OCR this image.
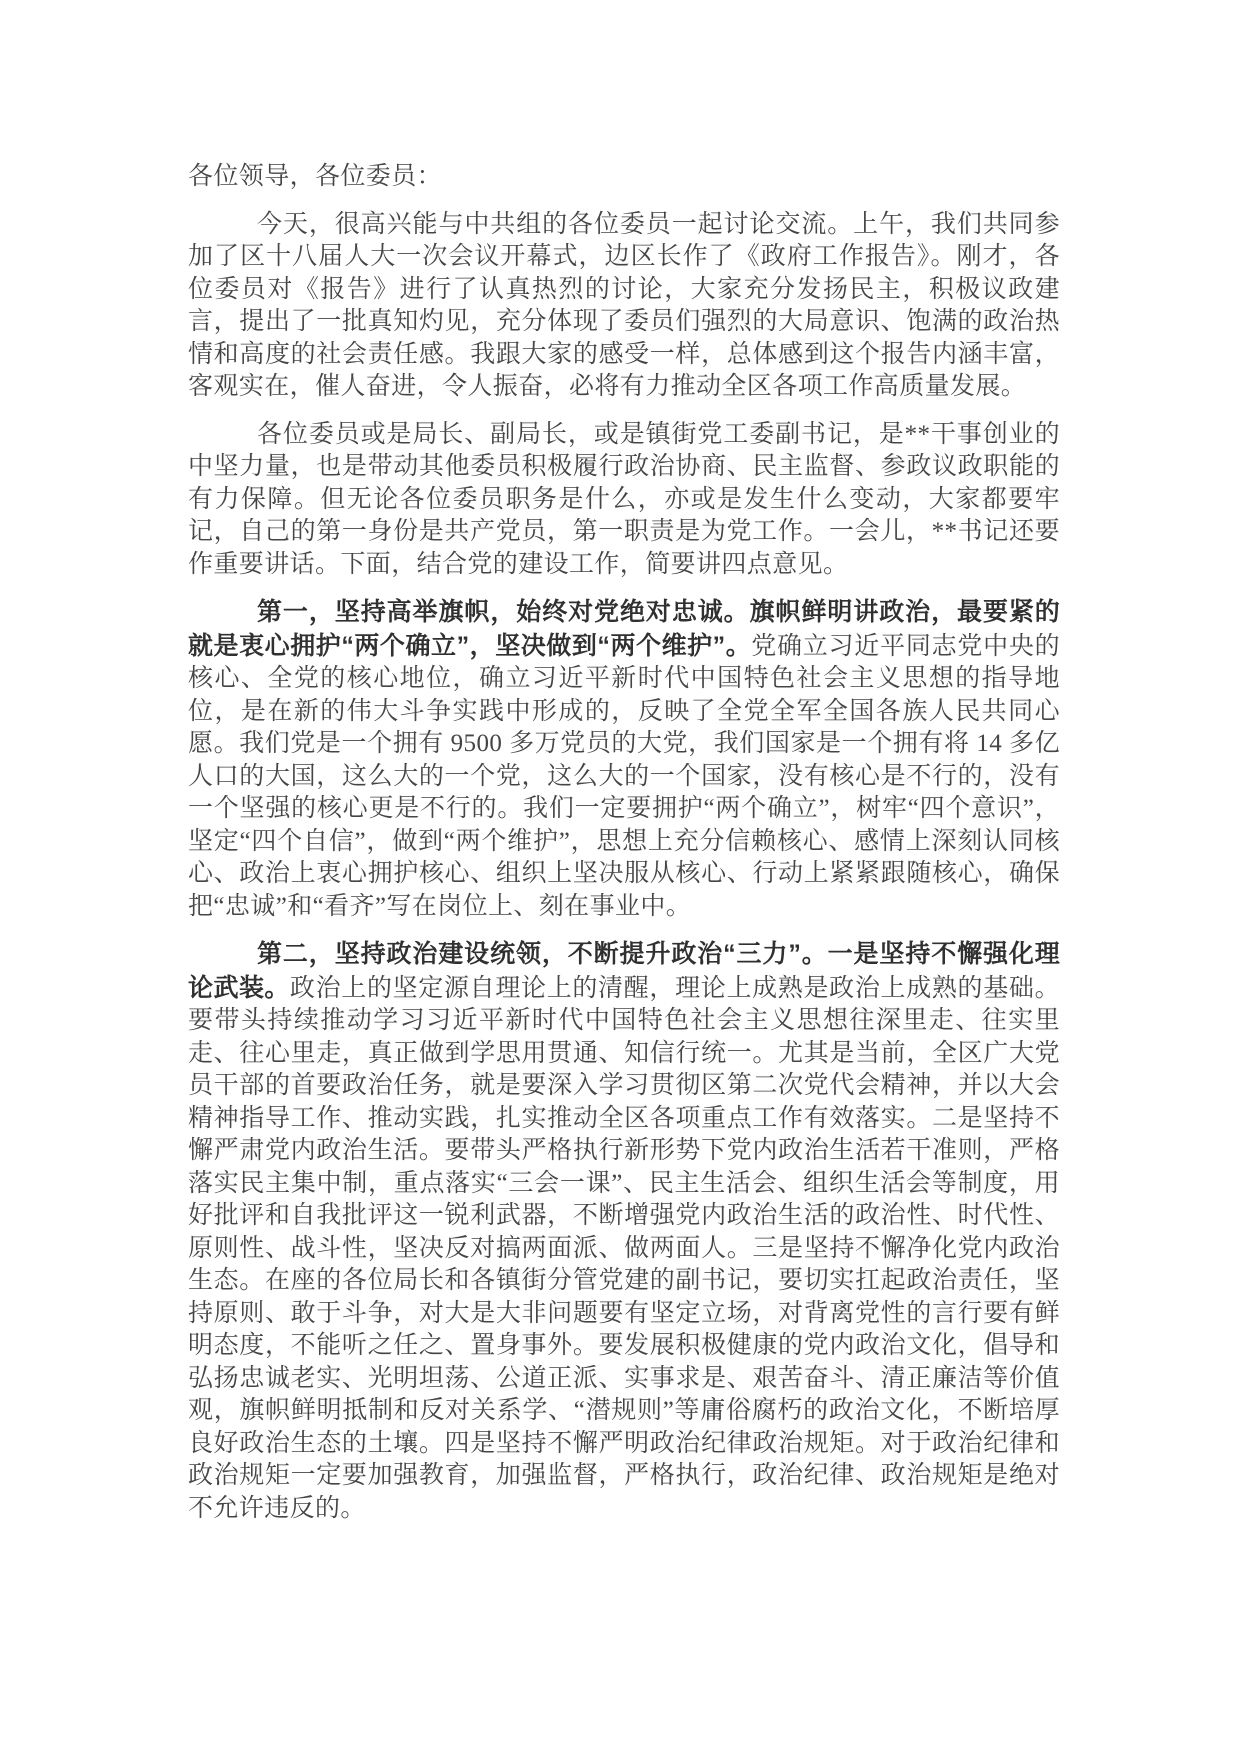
各位领导，各位委员：

今天，很高兴能与中共组的各位委员一起讨论交流。上午，我们共同参加了区十八届人大一次会议开幕式，边区长作了《政府工作报告》。刚才，各位委员对《报告》进行了认真热烈的讨论，大家充分发扬民主，积极议政建言，提出了一批真知灼见，充分体现了委员们强烈的大局意识、饱满的政治热情和高度的社会责任感。我跟大家的感受一样，总体感到这个报告内涵丰富，客观实在，催人奋进，令人振奋，必将有力推动全区各项工作高质量发展。

各位委员或是局长、副局长，或是镇街党工委副书记，是**干事创业的中坚力量，也是带动其他委员积极履行政治协商、民主监督、参政议政职能的有力保障。但无论各位委员职务是什么，亦或是发生什么变动，大家都要牢记，自己的第一身份是共产党员，第一职责是为党工作。一会儿，**书记还要作重要讲话。下面，结合党的建设工作，简要讲四点意见。

第一，坚持高举旗帜，始终对党绝对忠诚。旗帜鲜明讲政治，最要紧的就是衷心拥护“两个确立”，坚决做到“两个维护”。党确立习近平同志党中央的核心、全党的核心地位，确立习近平新时代中国特色社会主义思想的指导地位，是在新的伟大斗争实践中形成的，反映了全党全军全国各族人民共同心愿。我们党是一个拥有 9500 多万党员的大党，我们国家是一个拥有将 14 多亿人口的大国，这么大的一个党，这么大的一个国家，没有核心是不行的，没有一个坚强的核心更是不行的。我们一定要拥护“两个确立”，树牢“四个意识”，坚定“四个自信”，做到“两个维护”，思想上充分信赖核心、感情上深刻认同核心、政治上衷心拥护核心、组织上坚决服从核心、行动上紧紧跟随核心，确保把“忠诚”和“看齐”写在岗位上、刻在事业中。

第二，坚持政治建设统领，不断提升政治“三力”。一是坚持不懈强化理论武装。政治上的坚定源自理论上的清醒，理论上成熟是政治上成熟的基础。要带头持续推动学习习近平新时代中国特色社会主义思想往深里走、往实里走、往心里走，真正做到学思用贯通、知信行统一。尤其是当前，全区广大党员干部的首要政治任务，就是要深入学习贯彻区第二次党代会精神，并以大会精神指导工作、推动实践，扎实推动全区各项重点工作有效落实。二是坚持不懈严肃党内政治生活。要带头严格执行新形势下党内政治生活若干准则，严格落实民主集中制，重点落实“三会一课”、民主生活会、组织生活会等制度，用好批评和自我批评这一锐利武器，不断增强党内政治生活的政治性、时代性、原则性、战斗性，坚决反对搞两面派、做两面人。三是坚持不懈净化党内政治生态。在座的各位局长和各镇街分管党建的副书记，要切实扛起政治责任，坚持原则、敢于斗争，对大是大非问题要有坚定立场，对背离党性的言行要有鲜明态度，不能听之任之、置身事外。要发展积极健康的党内政治文化，倡导和弘扬忠诚老实、光明坦荡、公道正派、实事求是、艰苦奋斗、清正廉洁等价值观，旗帜鲜明抵制和反对关系学、“潜规则”等庸俗腐朽的政治文化，不断培厚良好政治生态的土壤。四是坚持不懈严明政治纪律政治规矩。对于政治纪律和政治规矩一定要加强教育，加强监督，严格执行，政治纪律、政治规矩是绝对不允许违反的。
